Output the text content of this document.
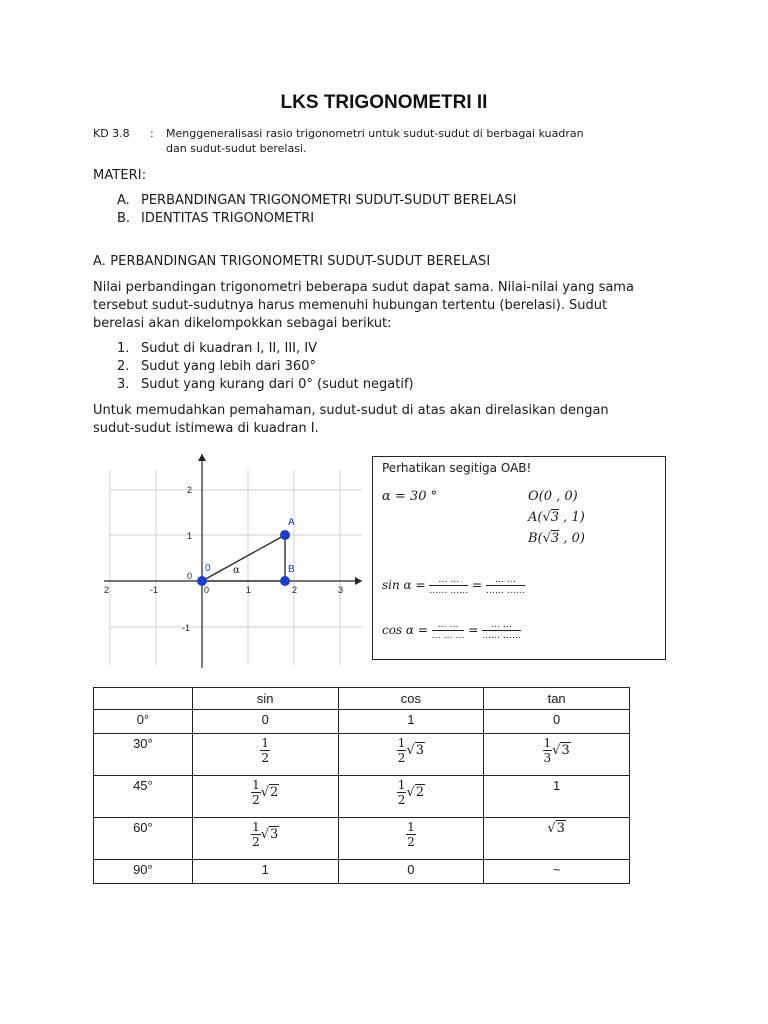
LKS TRIGONOMETRI II
KD 3.8 : Menggeneralisasi rasio trigonometri untuk sudut-sudut di berbagai kuadran
dan sudut-sudut berelasi.
MATERI:
A. PERBANDINGAN TRIGONOMETRI SUDUT-SUDUT BERELASI
B. IDENTITAS TRIGONOMETRI
A. PERBANDINGAN TRIGONOMETRI SUDUT-SUDUT BERELASI
Nilai perbandingan trigonometri beberapa sudut dapat sama. Nilai-nilai yang sama
tersebut sudut-sudutnya harus memenuhi hubungan tertentu (berelasi). Sudut
berelasi akan dikelompokkan sebagai berikut:
1. Sudut di kuadran I, II, III, IV
2. Sudut yang lebih dari 360°
3. Sudut yang kurang dari 0° (sudut negatif)
Untuk memudahkan pemahaman, sudut-sudut di atas akan direlasikan dengan
sudut-sudut istimewa di kuadran I.
2	-1	0	1	2	3
2
1
0
-1
0
A
B
α
Perhatikan segitiga OAB!
α = 30 °	O(0 , 0)
A(√3 , 1)
B(√3 , 0)
$\sin \alpha = \frac{\dots \dots}{\dots\dots \dots\dots} = \frac{\dots \dots}{\dots\dots \dots\dots}$
$\cos \alpha = \frac{\dots \dots}{\dots \dots \dots} = \frac{\dots \dots}{\dots\dots \dots\dots}$
	sin	cos	tan
0°	0	1	0
30°	$\frac{1}{2}$	$\frac{1}{2} √3$	$\frac{1}{3} √3$
45°	$\frac{1}{2} √2$	$\frac{1}{2} √2$	1
60°	$\frac{1}{2} √3$	$\frac{1}{2}$	√3
90°	1	0	~
